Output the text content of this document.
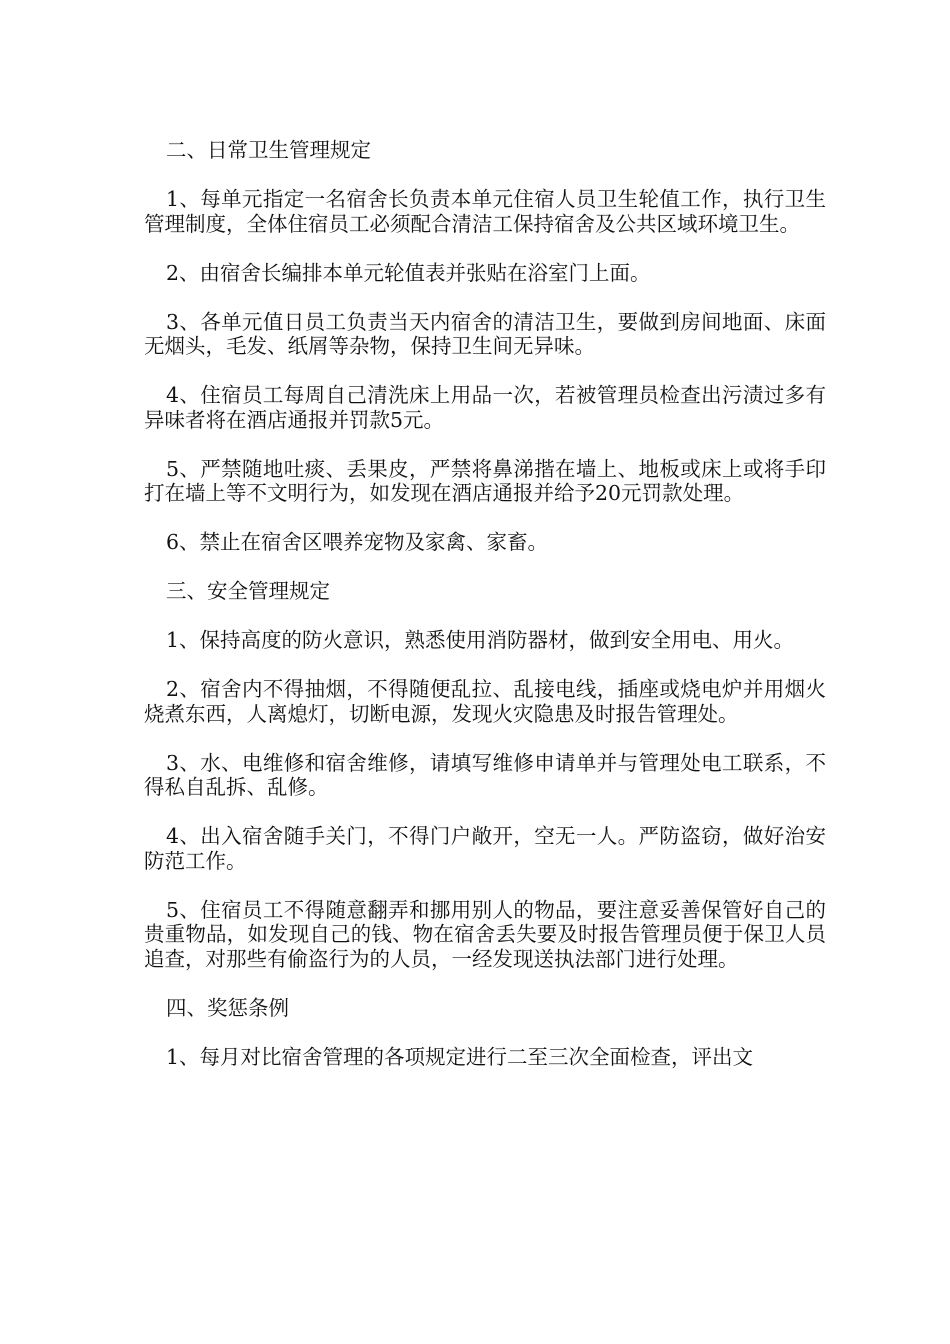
二、日常卫生管理规定

1、每单元指定一名宿舍长负责本单元住宿人员卫生轮值工作，执行卫生管理制度，全体住宿员工必须配合清洁工保持宿舍及公共区域环境卫生。

2、由宿舍长编排本单元轮值表并张贴在浴室门上面。

3、各单元值日员工负责当天内宿舍的清洁卫生，要做到房间地面、床面无烟头，毛发、纸屑等杂物，保持卫生间无异味。

4、住宿员工每周自己清洗床上用品一次，若被管理员检查出污渍过多有异味者将在酒店通报并罚款5元。

5、严禁随地吐痰、丢果皮，严禁将鼻涕揩在墙上、地板或床上或将手印打在墙上等不文明行为，如发现在酒店通报并给予20元罚款处理。

6、禁止在宿舍区喂养宠物及家禽、家畜。

三、安全管理规定

1、保持高度的防火意识，熟悉使用消防器材，做到安全用电、用火。

2、宿舍内不得抽烟，不得随便乱拉、乱接电线，插座或烧电炉并用烟火烧煮东西，人离熄灯，切断电源，发现火灾隐患及时报告管理处。

3、水、电维修和宿舍维修，请填写维修申请单并与管理处电工联系，不得私自乱拆、乱修。

4、出入宿舍随手关门，不得门户敞开，空无一人。严防盗窃，做好治安防范工作。

5、住宿员工不得随意翻弄和挪用别人的物品，要注意妥善保管好自己的贵重物品，如发现自己的钱、物在宿舍丢失要及时报告管理员便于保卫人员追查，对那些有偷盗行为的人员，一经发现送执法部门进行处理。

四、奖惩条例

1、每月对比宿舍管理的各项规定进行二至三次全面检查，评出文
